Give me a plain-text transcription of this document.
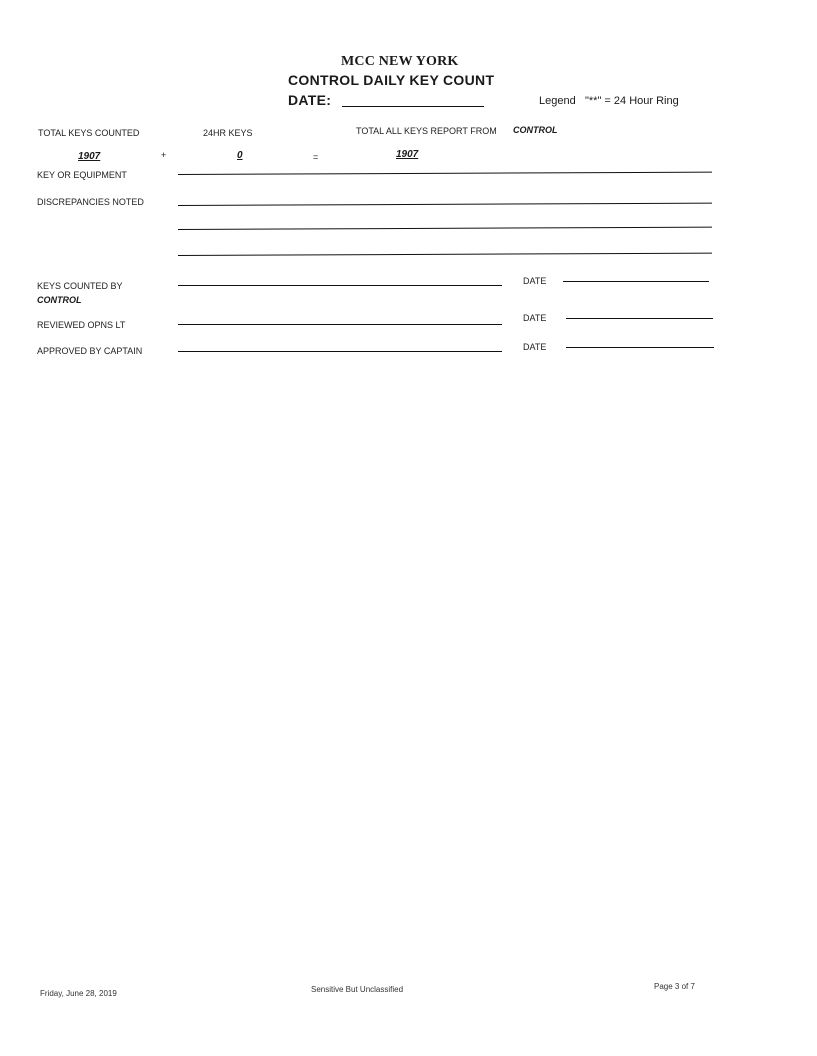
MCC NEW YORK
CONTROL DAILY KEY COUNT
DATE:	Legend "**" = 24 Hour Ring
TOTAL KEYS COUNTED	24HR KEYS	TOTAL ALL KEYS REPORT FROM CONTROL
1907	+	0	=	1907
KEY OR EQUIPMENT
DISCREPANCIES NOTED
KEYS COUNTED BY
CONTROL
DATE
REVIEWED OPNS LT
DATE
APPROVED BY CAPTAIN	DATE
Friday, June 28, 2019	Sensitive But Unclassified	Page 3 of 7
